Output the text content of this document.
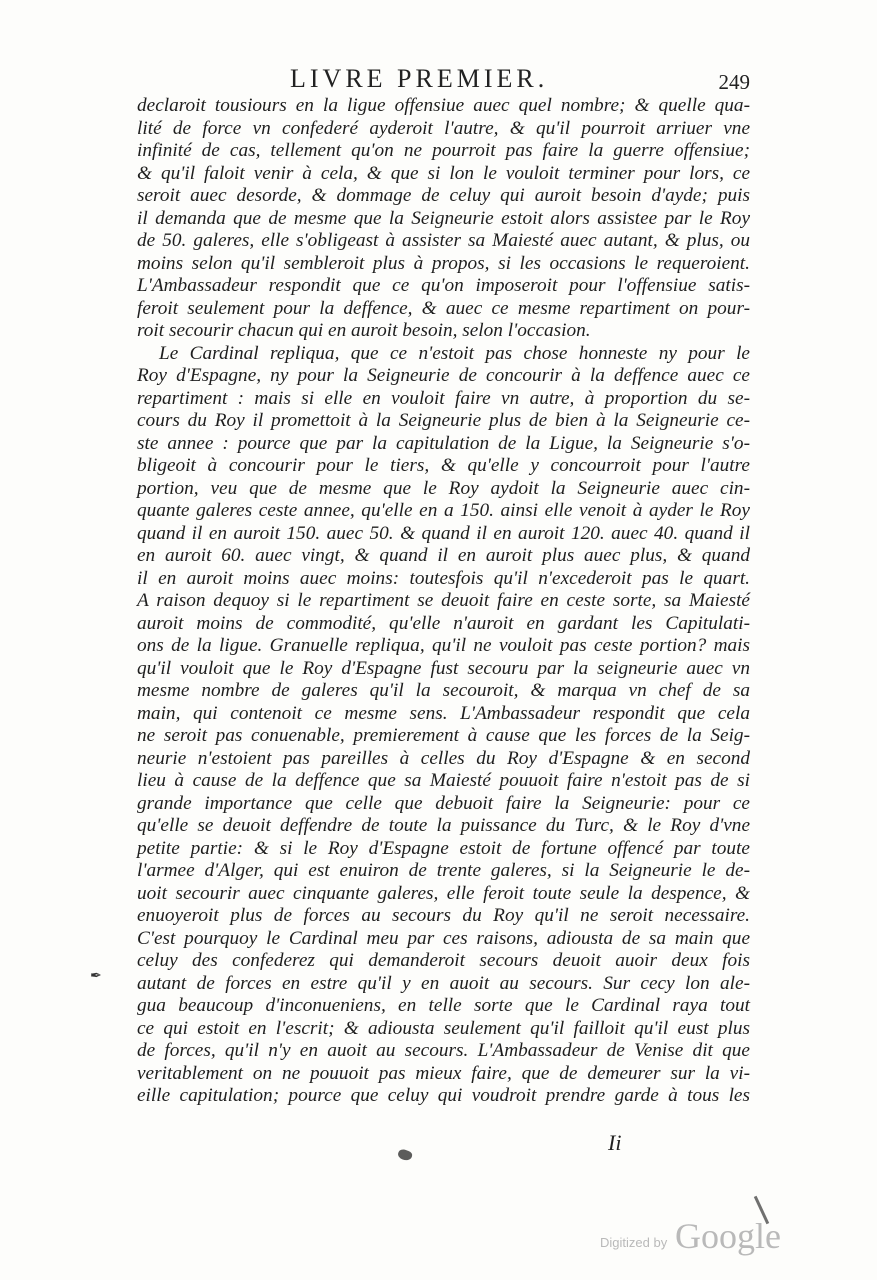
LIVRE PREMIER.	249
declaroit tousiours en la ligue offensiue auec quel nombre; & quelle qua-
lité de force vn confederé ayderoit l'autre, & qu'il pourroit arriuer vne
infinité de cas, tellement qu'on ne pourroit pas faire la guerre offensiue;
& qu'il faloit venir à cela, & que si lon le vouloit terminer pour lors, ce
seroit auec desorde, & dommage de celuy qui auroit besoin d'ayde; puis
il demanda que de mesme que la Seigneurie estoit alors assistee par le Roy
de 50. galeres, elle s'obligeast à assister sa Maiesté auec autant, & plus, ou
moins selon qu'il sembleroit plus à propos, si les occasions le requeroient.
L'Ambassadeur respondit que ce qu'on imposeroit pour l'offensiue satis-
feroit seulement pour la deffence, & auec ce mesme repartiment on pour-
roit secourir chacun qui en auroit besoin, selon l'occasion.
Le Cardinal repliqua, que ce n'estoit pas chose honneste ny pour le
Roy d'Espagne, ny pour la Seigneurie de concourir à la deffence auec ce
repartiment : mais si elle en vouloit faire vn autre, à proportion du se-
cours du Roy il promettoit à la Seigneurie plus de bien à la Seigneurie ce-
ste annee : pource que par la capitulation de la Ligue, la Seigneurie s'o-
bligeoit à concourir pour le tiers, & qu'elle y concourroit pour l'autre
portion, veu que de mesme que le Roy aydoit la Seigneurie auec cin-
quante galeres ceste annee, qu'elle en a 150. ainsi elle venoit à ayder le Roy
quand il en auroit 150. auec 50. & quand il en auroit 120. auec 40. quand il
en auroit 60. auec vingt, & quand il en auroit plus auec plus, & quand
il en auroit moins auec moins: toutesfois qu'il n'excederoit pas le quart.
A raison dequoy si le repartiment se deuoit faire en ceste sorte, sa Maiesté
auroit moins de commodité, qu'elle n'auroit en gardant les Capitulati-
ons de la ligue. Granuelle repliqua, qu'il ne vouloit pas ceste portion? mais
qu'il vouloit que le Roy d'Espagne fust secouru par la seigneurie auec vn
mesme nombre de galeres qu'il la secouroit, & marqua vn chef de sa
main, qui contenoit ce mesme sens. L'Ambassadeur respondit que cela
ne seroit pas conuenable, premierement à cause que les forces de la Seig-
neurie n'estoient pas pareilles à celles du Roy d'Espagne & en second
lieu à cause de la deffence que sa Maiesté pouuoit faire n'estoit pas de si
grande importance que celle que debuoit faire la Seigneurie: pour ce
qu'elle se deuoit deffendre de toute la puissance du Turc, & le Roy d'vne
petite partie: & si le Roy d'Espagne estoit de fortune offencé par toute
l'armee d'Alger, qui est enuiron de trente galeres, si la Seigneurie le de-
uoit secourir auec cinquante galeres, elle feroit toute seule la despence, &
enuoyeroit plus de forces au secours du Roy qu'il ne seroit necessaire.
C'est pourquoy le Cardinal meu par ces raisons, adiousta de sa main que
celuy des confederez qui demanderoit secours deuoit auoir deux fois
autant de forces en estre qu'il y en auoit au secours. Sur cecy lon ale-
gua beaucoup d'inconueniens, en telle sorte que le Cardinal raya tout
ce qui estoit en l'escrit; & adiousta seulement qu'il failloit qu'il eust plus
de forces, qu'il n'y en auoit au secours. L'Ambassadeur de Venise dit que
veritablement on ne pouuoit pas mieux faire, que de demeurer sur la vi-
eille capitulation; pource que celuy qui voudroit prendre garde à tous les
✒
Ii
Digitized by Google
